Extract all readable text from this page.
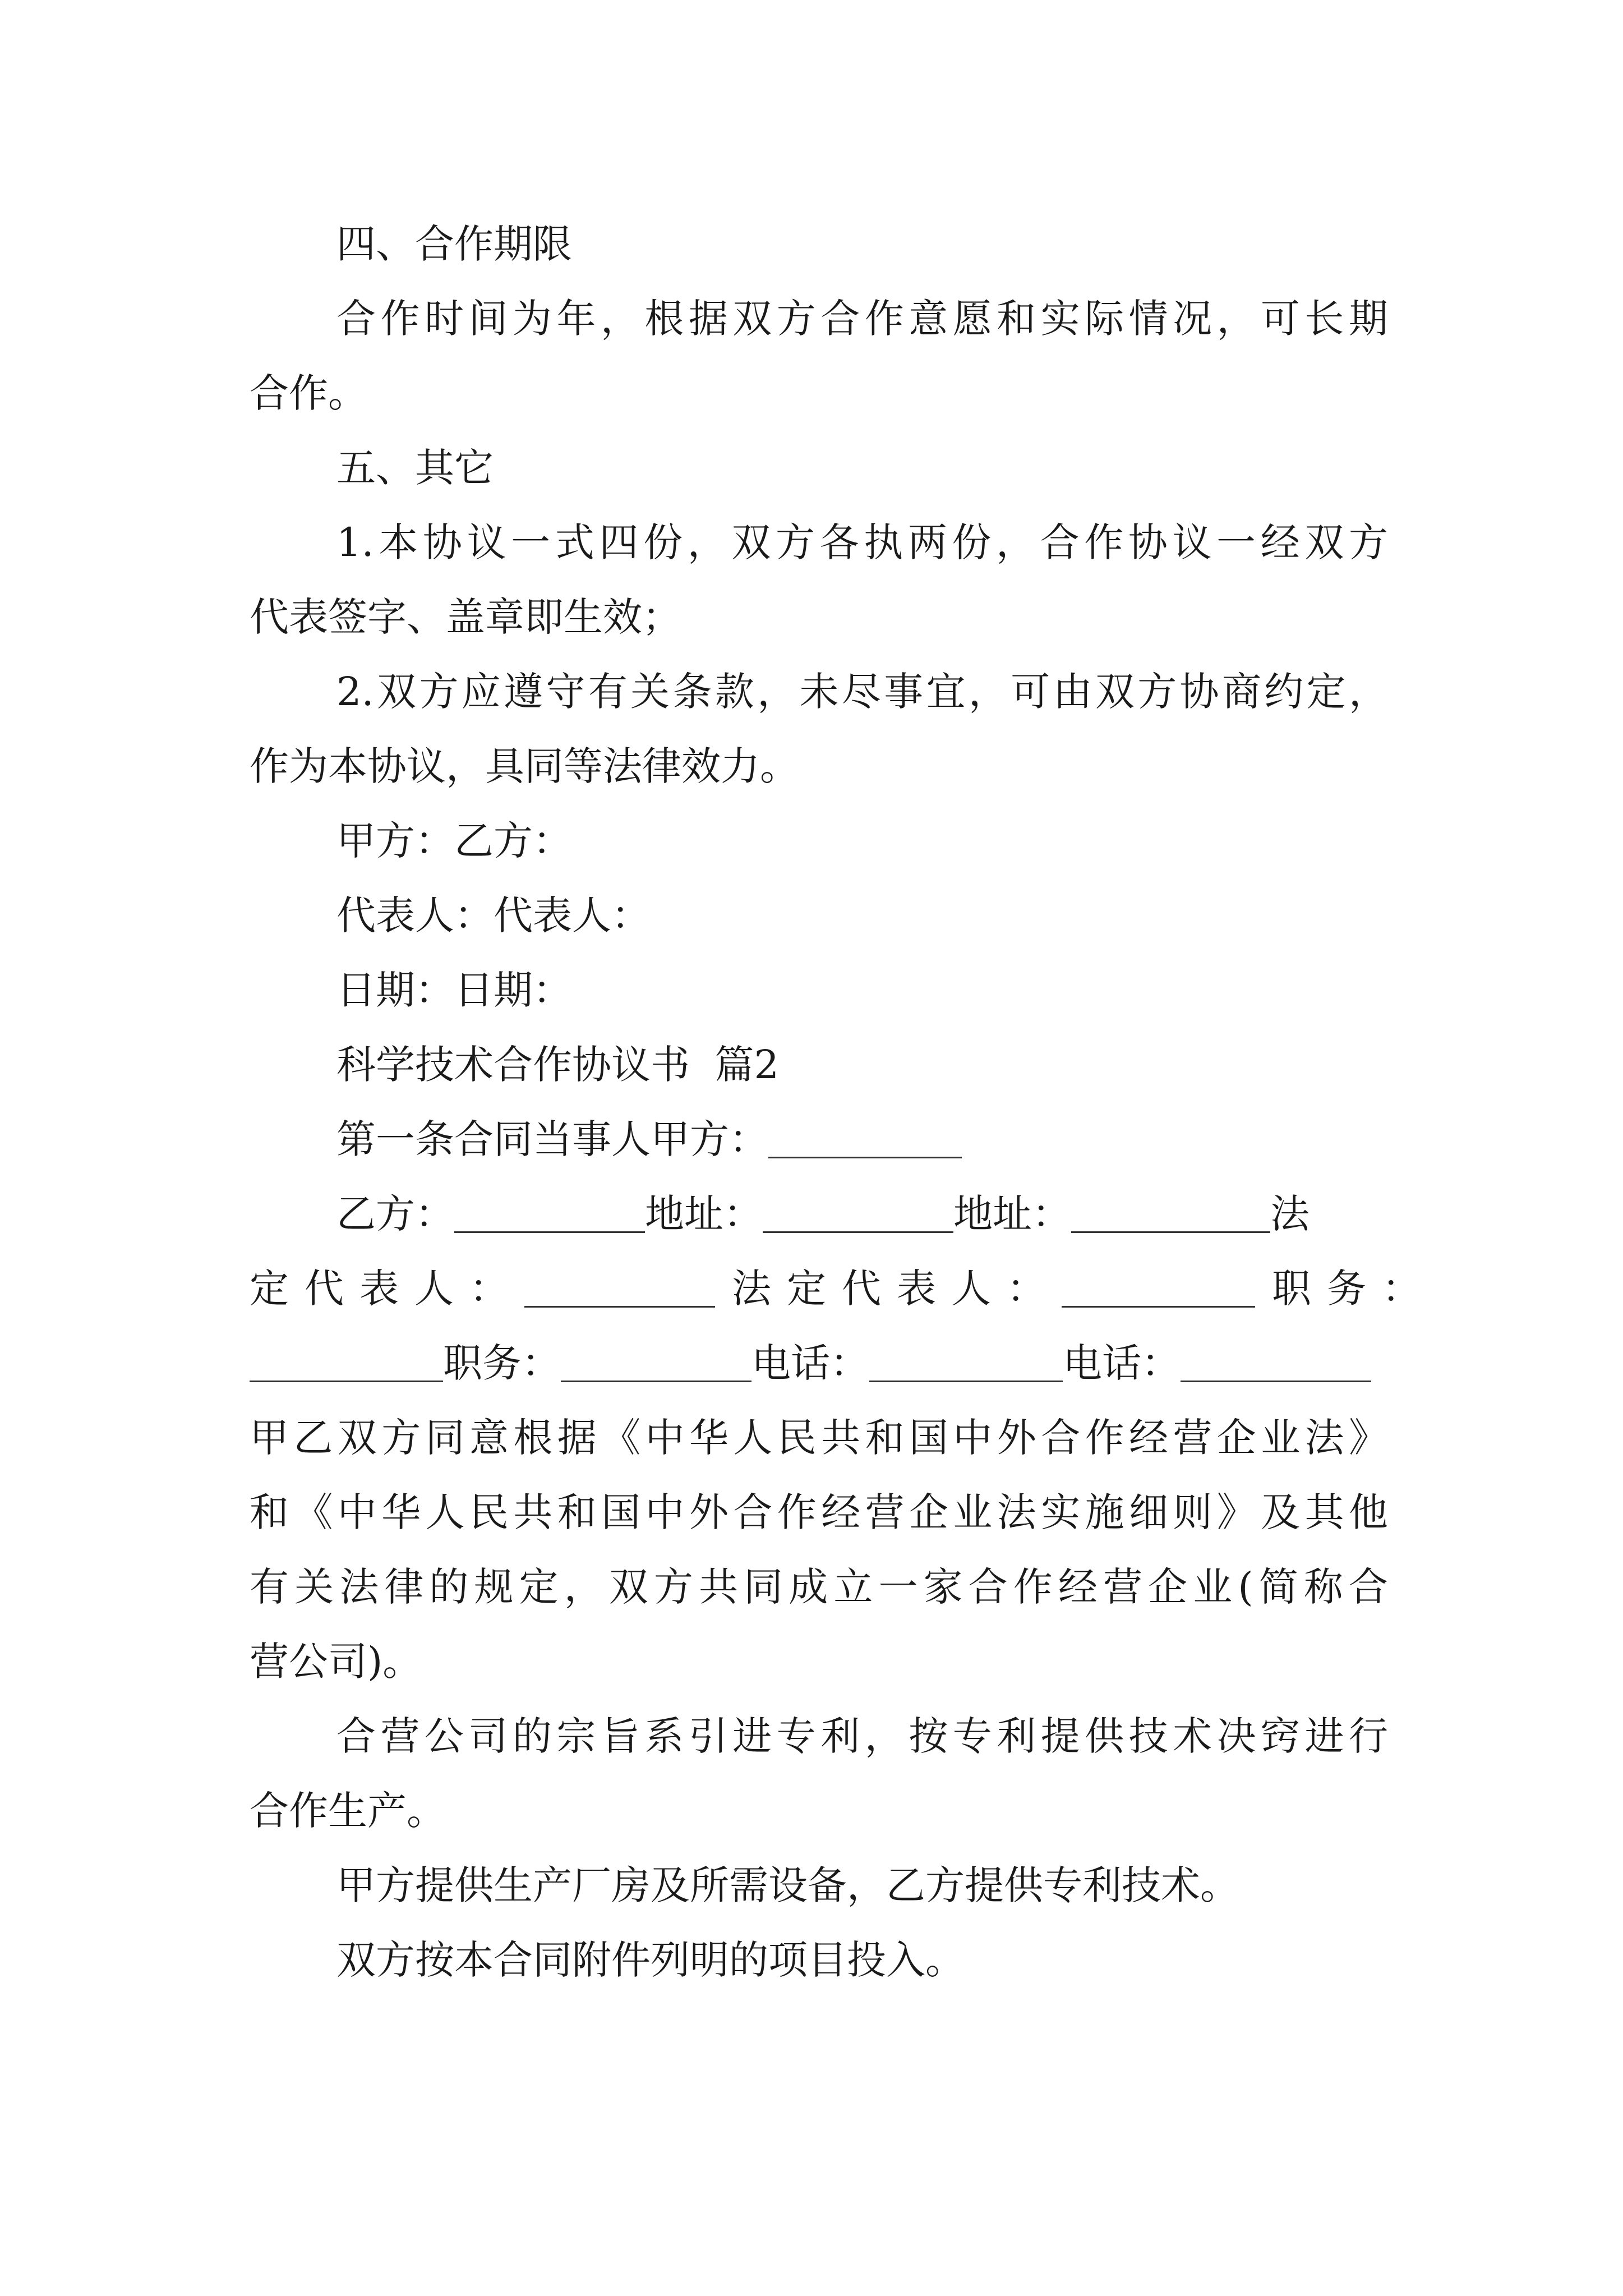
四、合作期限
合作时间为年，根据双方合作意愿和实际情况，可长期
合作。
五、其它
1.本协议一式四份，双方各执两份，合作协议一经双方
代表签字、盖章即生效；
2.双方应遵守有关条款，未尽事宜，可由双方协商约定，
作为本协议，具同等法律效力。
甲方：乙方：
代表人：代表人：
日期：日期：
科学技术合作协议书  篇2
第一条合同当事人甲方：
乙方：	地址：	地址：	法
定代表人：	法定代表人：	职务：
职务：	电话：	电话：
甲乙双方同意根据《中华人民共和国中外合作经营企业法》
和《中华人民共和国中外合作经营企业法实施细则》及其他
有关法律的规定，双方共同成立一家合作经营企业(简称合
营公司)。
合营公司的宗旨系引进专利，按专利提供技术决窍进行
合作生产。
甲方提供生产厂房及所需设备，乙方提供专利技术。
双方按本合同附件列明的项目投入。
